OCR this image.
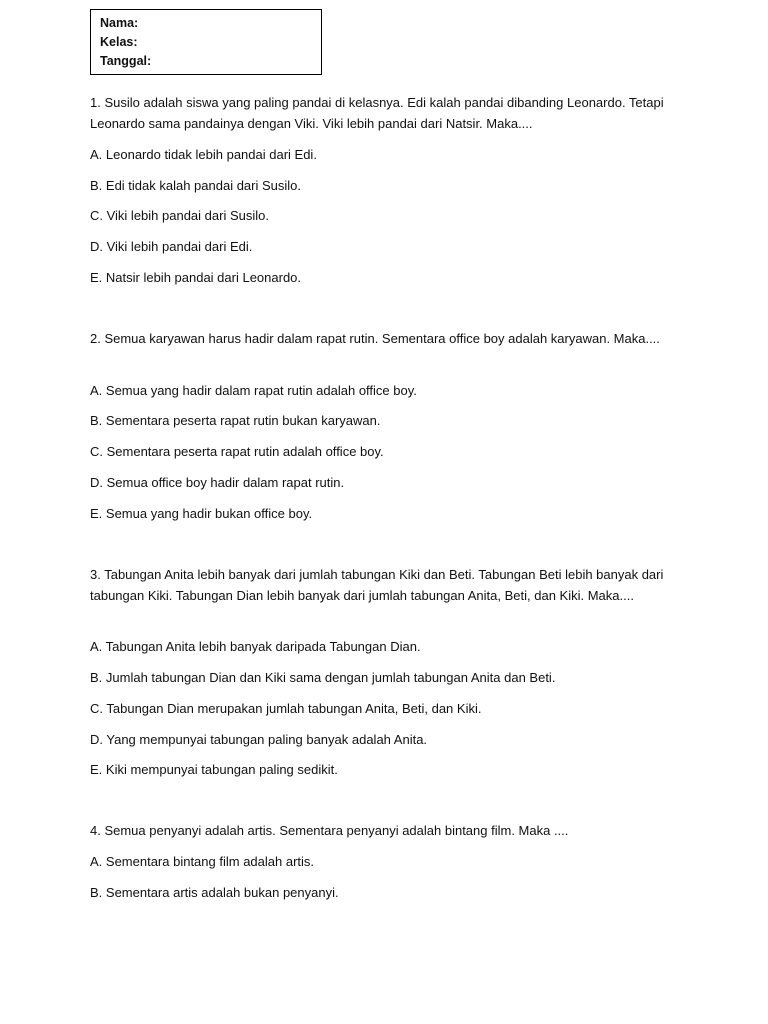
Nama:
Kelas:
Tanggal:

1. Susilo adalah siswa yang paling pandai di kelasnya. Edi kalah pandai dibanding Leonardo. Tetapi Leonardo sama pandainya dengan Viki. Viki lebih pandai dari Natsir. Maka....

A. Leonardo tidak lebih pandai dari Edi.
B. Edi tidak kalah pandai dari Susilo.
C. Viki lebih pandai dari Susilo.
D. Viki lebih pandai dari Edi.
E. Natsir lebih pandai dari Leonardo.

2. Semua karyawan harus hadir dalam rapat rutin. Sementara office boy adalah karyawan. Maka....

A. Semua yang hadir dalam rapat rutin adalah office boy.
B. Sementara peserta rapat rutin bukan karyawan.
C. Sementara peserta rapat rutin adalah office boy.
D. Semua office boy hadir dalam rapat rutin.
E. Semua yang hadir bukan office boy.

3. Tabungan Anita lebih banyak dari jumlah tabungan Kiki dan Beti. Tabungan Beti lebih banyak dari tabungan Kiki. Tabungan Dian lebih banyak dari jumlah tabungan Anita, Beti, dan Kiki. Maka....

A. Tabungan Anita lebih banyak daripada Tabungan Dian.
B. Jumlah tabungan Dian dan Kiki sama dengan jumlah tabungan Anita dan Beti.
C. Tabungan Dian merupakan jumlah tabungan Anita, Beti, dan Kiki.
D. Yang mempunyai tabungan paling banyak adalah Anita.
E. Kiki mempunyai tabungan paling sedikit.

4. Semua penyanyi adalah artis. Sementara penyanyi adalah bintang film. Maka ....

A. Sementara bintang film adalah artis.
B. Sementara artis adalah bukan penyanyi.
